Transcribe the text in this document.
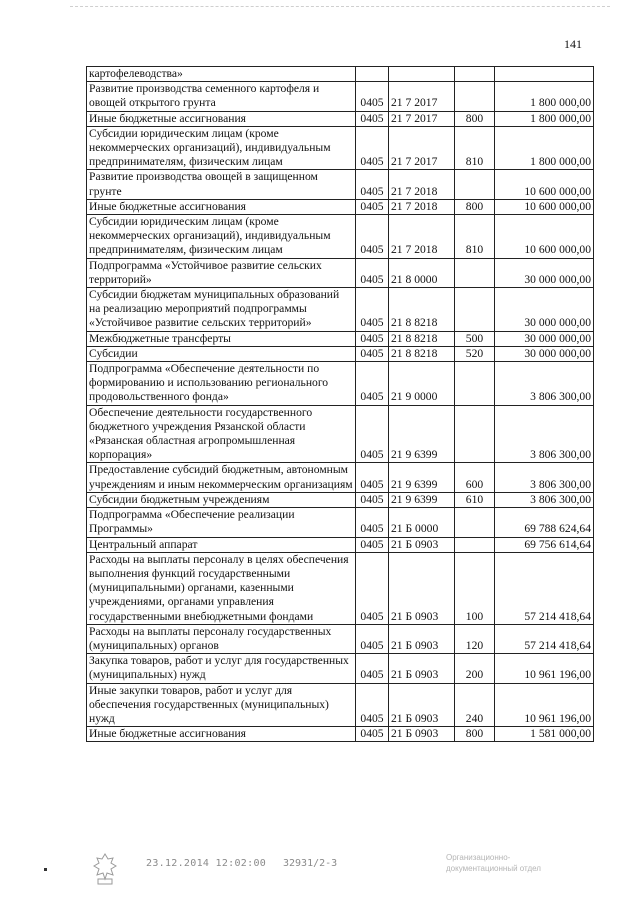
141
картофелеводства»				
Развитие производства семенного картофеля и овощей открытого грунта	0405	21 7 2017		1 800 000,00
Иные бюджетные ассигнования	0405	21 7 2017	800	1 800 000,00
Субсидии юридическим лицам (кроме некоммерческих организаций), индивидуальным предпринимателям, физическим лицам	0405	21 7 2017	810	1 800 000,00
Развитие производства овощей в защищенном грунте	0405	21 7 2018		10 600 000,00
Иные бюджетные ассигнования	0405	21 7 2018	800	10 600 000,00
Субсидии юридическим лицам (кроме некоммерческих организаций), индивидуальным предпринимателям, физическим лицам	0405	21 7 2018	810	10 600 000,00
Подпрограмма «Устойчивое развитие сельских территорий»	0405	21 8 0000		30 000 000,00
Субсидии бюджетам муниципальных образований на реализацию мероприятий подпрограммы «Устойчивое развитие сельских территорий»	0405	21 8 8218		30 000 000,00
Межбюджетные трансферты	0405	21 8 8218	500	30 000 000,00
Субсидии	0405	21 8 8218	520	30 000 000,00
Подпрограмма «Обеспечение деятельности по формированию и использованию регионального продовольственного фонда»	0405	21 9 0000		3 806 300,00
Обеспечение деятельности государственного бюджетного учреждения Рязанской области «Рязанская областная агропромышленная корпорация»	0405	21 9 6399		3 806 300,00
Предоставление субсидий бюджетным, автономным учреждениям и иным некоммерческим организациям	0405	21 9 6399	600	3 806 300,00
Субсидии бюджетным учреждениям	0405	21 9 6399	610	3 806 300,00
Подпрограмма «Обеспечение реализации Программы»	0405	21 Б 0000		69 788 624,64
Центральный аппарат	0405	21 Б 0903		69 756 614,64
Расходы на выплаты персоналу в целях обеспечения выполнения функций государственными (муниципальными) органами, казенными учреждениями, органами управления государственными внебюджетными фондами	0405	21 Б 0903	100	57 214 418,64
Расходы на выплаты персоналу государственных (муниципальных) органов	0405	21 Б 0903	120	57 214 418,64
Закупка товаров, работ и услуг для государственных (муниципальных) нужд	0405	21 Б 0903	200	10 961 196,00
Иные закупки товаров, работ и услуг для обеспечения государственных (муниципальных) нужд	0405	21 Б 0903	240	10 961 196,00
Иные бюджетные ассигнования	0405	21 Б 0903	800	1 581 000,00
23.12.2014 12:02:00 32931/2-3
Организационно-
документационный отдел
